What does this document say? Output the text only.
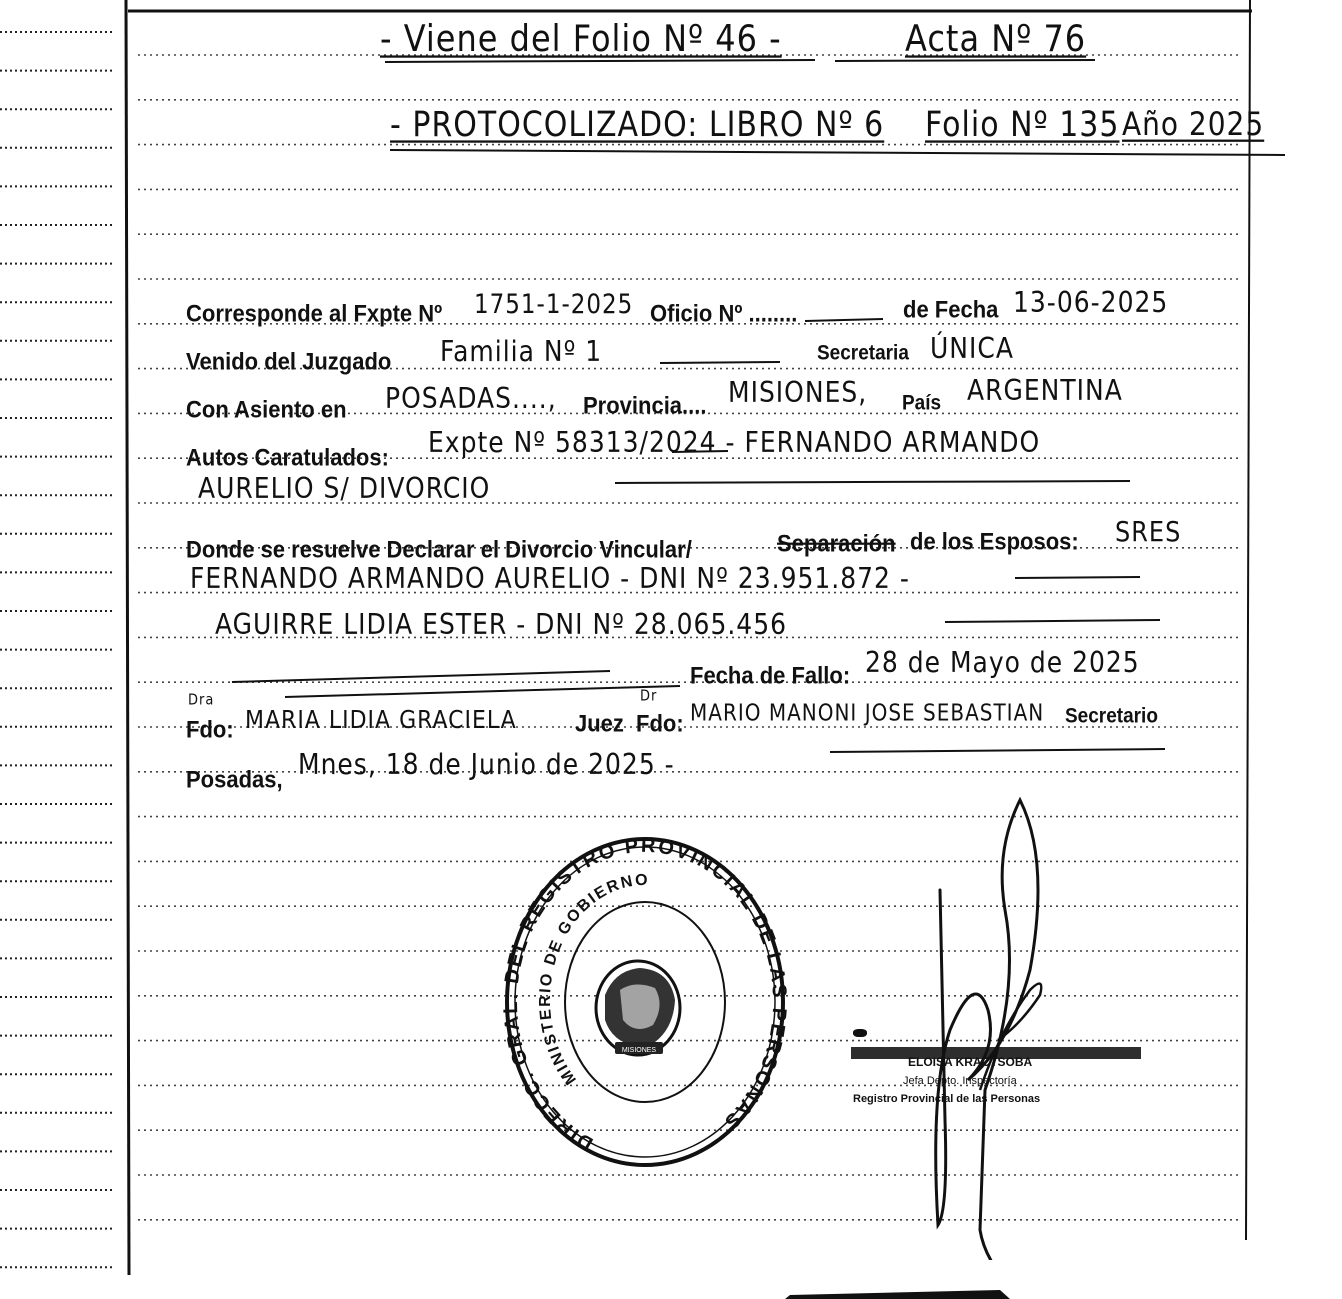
- Viene del Folio Nº 46 -	Acta Nº 76
- PROTOCOLIZADO: LIBRO Nº 6 Folio Nº 135 Año 2025
Corresponde al Fxpte Nº 1751-1-2025 Oficio Nº ........	de Fecha 13-06-2025
Venido del Juzgado Familia Nº 1	Secretaria ÚNICA
Con Asiento en POSADAS...., Provincia.... MISIONES, País ARGENTINA
Autos Caratulados: Expte Nº 58313/2024 - FERNANDO ARMANDO
AURELIO S/ DIVORCIO
Donde se resuelve Declarar el Divorcio Vincular/	Separación de los Esposos: SRES
FERNANDO ARMANDO AURELIO - DNI Nº 23.951.872 -
AGUIRRE LIDIA ESTER - DNI Nº 28.065.456
Fecha de Fallo: 28 de Mayo de 2025
Dra
Fdo: MARIA LIDIA GRACIELA	Juez
Dr
Fdo: MARIO MANONI JOSE SEBASTIAN Secretario
Posadas, Mnes, 18 de Junio de 2025 -
DIRECC. GRAL. DEL REGISTRO PROVINCIAL DE LAS PERSONAS
MINISTERIO DE GOBIERNO
MISIONES
ELOISA KRACTSOBA
Jefa Depto. Inspectoría
Registro Provincial de las Personas
